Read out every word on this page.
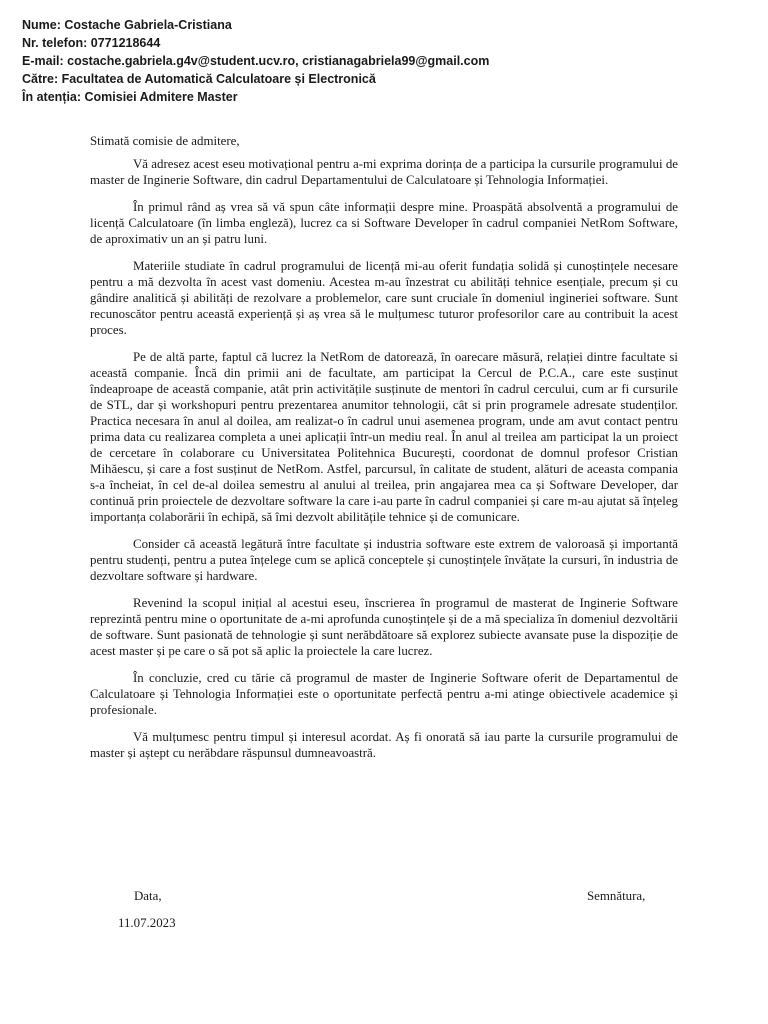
Nume: Costache Gabriela-Cristiana
Nr. telefon: 0771218644
E-mail: costache.gabriela.g4v@student.ucv.ro, cristianagabriela99@gmail.com
Către: Facultatea de Automatică Calculatoare și Electronică
În atenția: Comisiei Admitere Master

Stimată comisie de admitere,

Vă adresez acest eseu motivațional pentru a-mi exprima dorința de a participa la cursurile programului de master de Inginerie Software, din cadrul Departamentului de Calculatoare și Tehnologia Informației.

În primul rând aș vrea să vă spun câte informații despre mine. Proaspătă absolventă a programului de licență Calculatoare (în limba engleză), lucrez ca si Software Developer în cadrul companiei NetRom Software, de aproximativ un an și patru luni.

Materiile studiate în cadrul programului de licență mi-au oferit fundația solidă și cunoștințele necesare pentru a mă dezvolta în acest vast domeniu. Acestea m-au înzestrat cu abilități tehnice esențiale, precum și cu gândire analitică și abilități de rezolvare a problemelor, care sunt cruciale în domeniul ingineriei software. Sunt recunoscător pentru această experiență și aș vrea să le mulțumesc tuturor profesorilor care au contribuit la acest proces.

Pe de altă parte, faptul că lucrez la NetRom de datorează, în oarecare măsură, relației dintre facultate si această companie. Încă din primii ani de facultate, am participat la Cercul de P.C.A., care este susținut îndeaproape de această companie, atât prin activitățile susținute de mentori în cadrul cercului, cum ar fi cursurile de STL, dar și workshopuri pentru prezentarea anumitor tehnologii, cât si prin programele adresate studenților. Practica necesara în anul al doilea, am realizat-o în cadrul unui asemenea program, unde am avut contact pentru prima data cu realizarea completa a unei aplicații într-un mediu real. În anul al treilea am participat la un proiect de cercetare în colaborare cu Universitatea Politehnica București, coordonat de domnul profesor Cristian Mihăescu, și care a fost susținut de NetRom. Astfel, parcursul, în calitate de student, alături de aceasta compania s-a încheiat, în cel de-al doilea semestru al anului al treilea, prin angajarea mea ca și Software Developer, dar continuă prin proiectele de dezvoltare software la care i-au parte în cadrul companiei și care m-au ajutat să înțeleg importanța colaborării în echipă, să îmi dezvolt abilitățile tehnice și de comunicare.

Consider că această legătură între facultate și industria software este extrem de valoroasă și importantă pentru studenți, pentru a putea înțelege cum se aplică conceptele și cunoștințele învățate la cursuri, în industria de dezvoltare software și hardware.

Revenind la scopul inițial al acestui eseu, înscrierea în programul de masterat de Inginerie Software reprezintă pentru mine o oportunitate de a-mi aprofunda cunoștințele și de a mă specializa în domeniul dezvoltării de software. Sunt pasionată de tehnologie și sunt nerăbdătoare să explorez subiecte avansate puse la dispoziție de acest master și pe care o să pot să aplic la proiectele la care lucrez.

În concluzie, cred cu tărie că programul de master de Inginerie Software oferit de Departamentul de Calculatoare și Tehnologia Informației este o oportunitate perfectă pentru a-mi atinge obiectivele academice și profesionale.

Vă mulțumesc pentru timpul și interesul acordat. Aș fi onorată să iau parte la cursurile programului de master și aștept cu nerăbdare răspunsul dumneavoastră.

Data,	Semnătura,
11.07.2023
